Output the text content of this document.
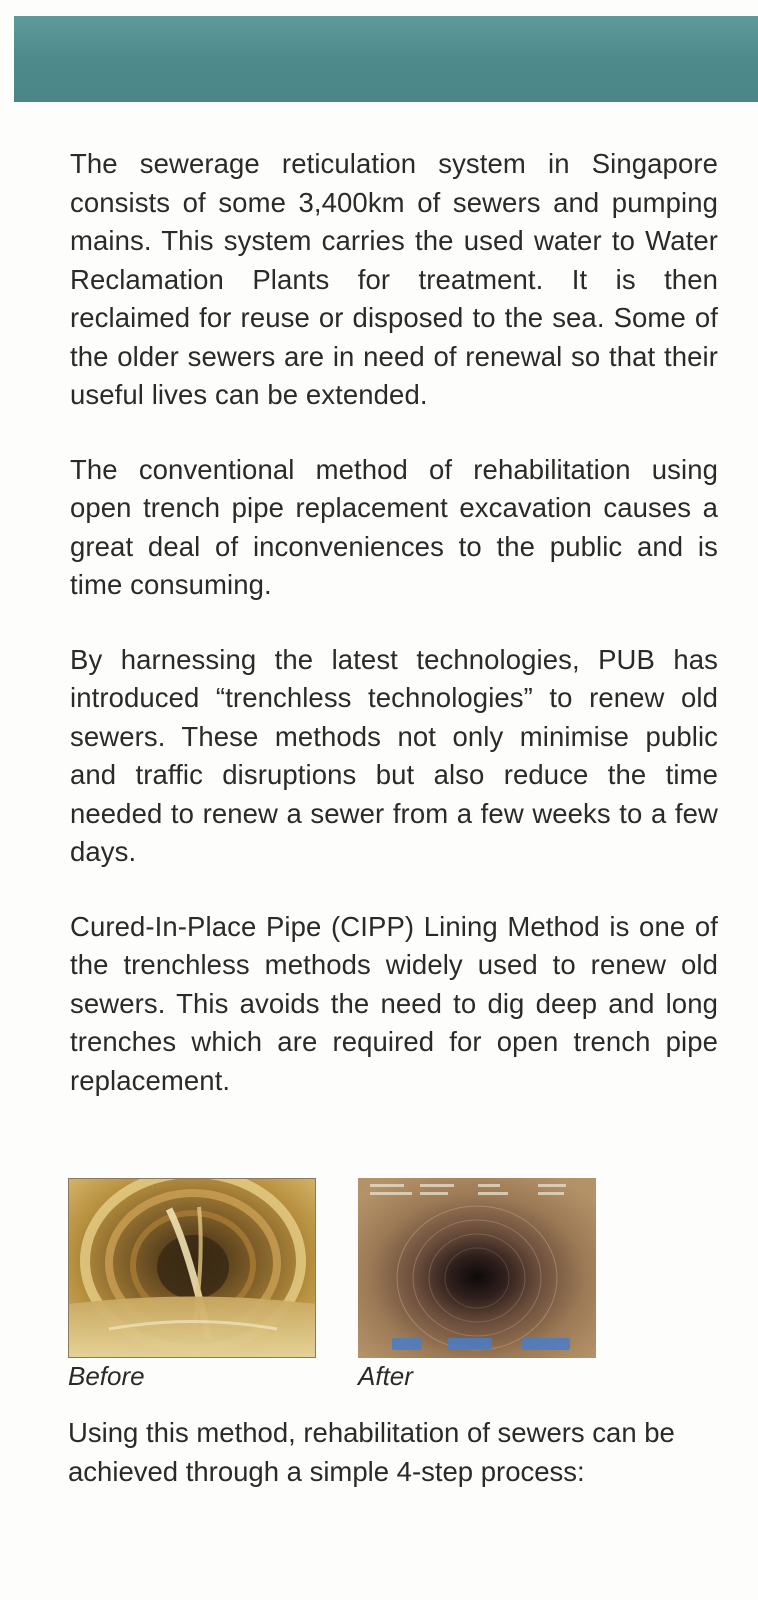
The sewerage reticulation system in Singapore consists of some 3,400km of sewers and pumping mains. This system carries the used water to Water Reclamation Plants for treatment. It is then reclaimed for reuse or disposed to the sea. Some of the older sewers are in need of renewal so that their useful lives can be extended.

The conventional method of rehabilitation using open trench pipe replacement excavation causes a great deal of inconveniences to the public and is time consuming.

By harnessing the latest technologies, PUB has introduced “trenchless technologies” to renew old sewers. These methods not only minimise public and traffic disruptions but also reduce the time needed to renew a sewer from a few weeks to a few days.

Cured-In-Place Pipe (CIPP) Lining Method is one of the trenchless methods widely used to renew old sewers. This avoids the need to dig deep and long trenches which are required for open trench pipe replacement.

Before	After

Using this method, rehabilitation of sewers can be achieved through a simple 4-step process:
